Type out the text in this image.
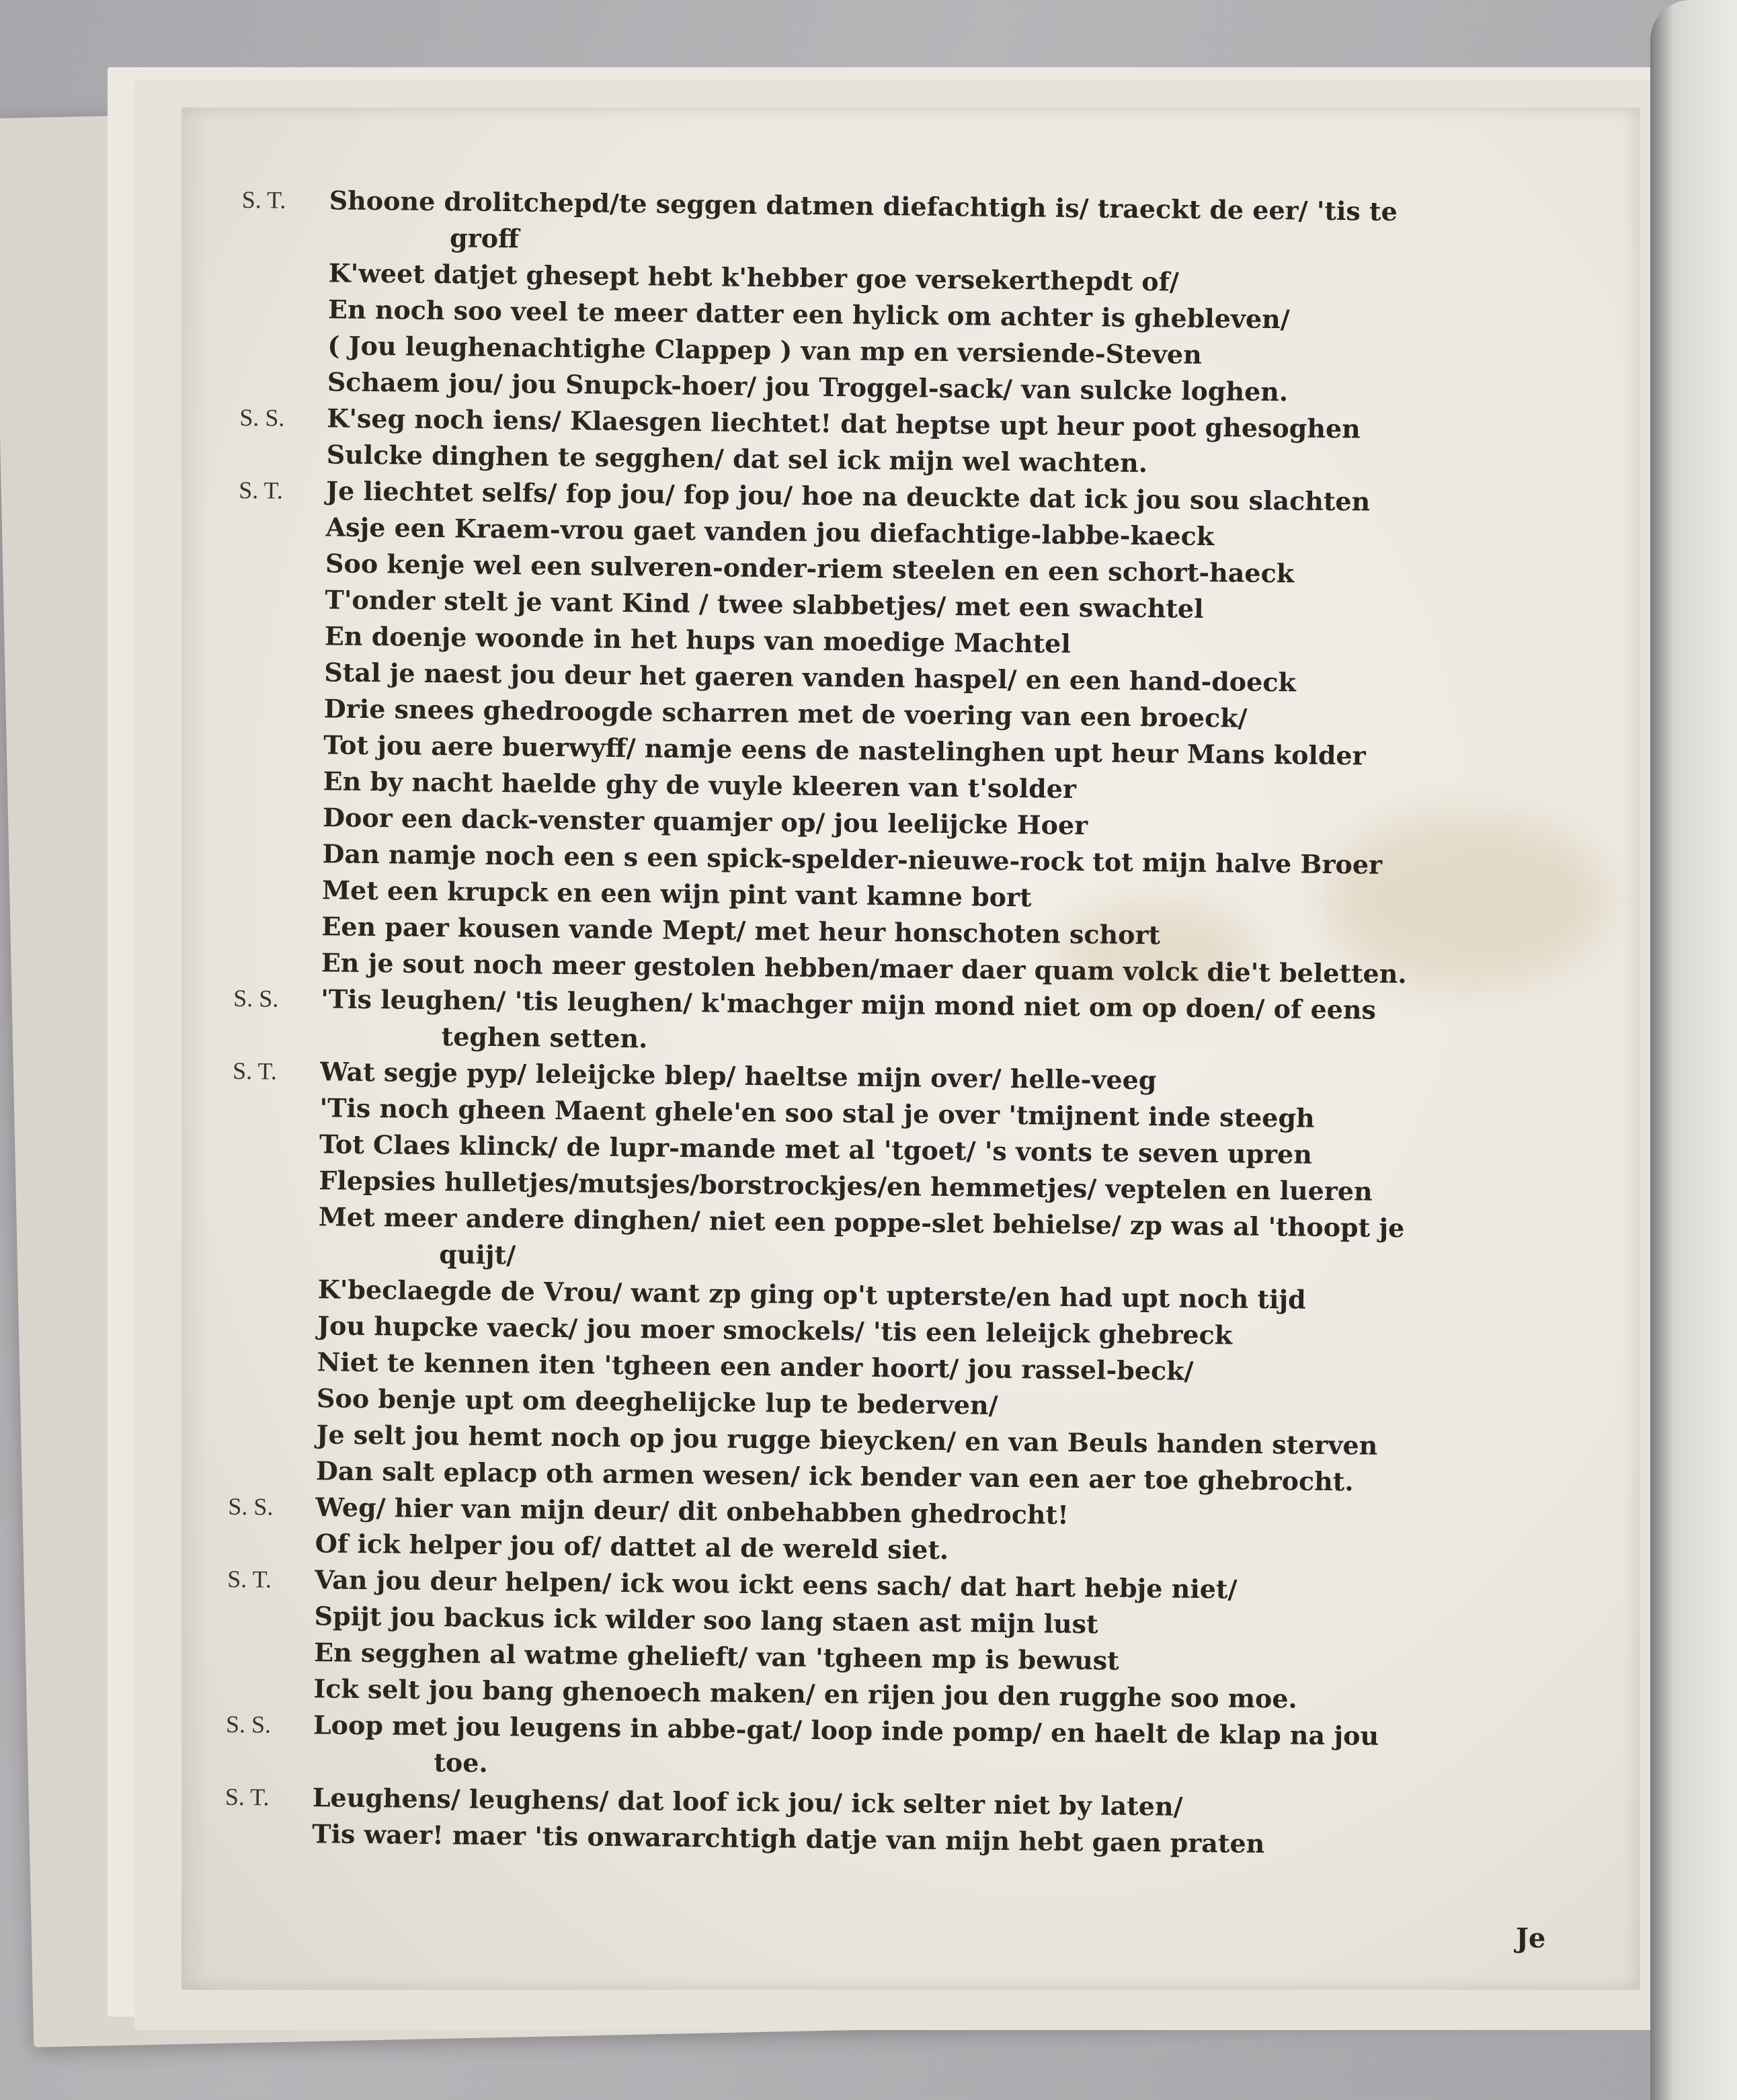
S. T.	Shoone drolitchepd/te seggen datmen diefachtigh is/ traeckt de eer/ 'tis te
groff
K'weet datjet ghesept hebt k'hebber goe versekerthepdt of/
En noch soo veel te meer datter een hylick om achter is ghebleven/
( Jou leughenachtighe Clappep ) van mp en versiende-Steven
Schaem jou/ jou Snupck-hoer/ jou Troggel-sack/ van sulcke loghen.
S. S.	K'seg noch iens/ Klaesgen liechtet! dat heptse upt heur poot ghesoghen
Sulcke dinghen te segghen/ dat sel ick mijn wel wachten.
S. T.	Je liechtet selfs/ fop jou/ fop jou/ hoe na deuckte dat ick jou sou slachten
Asje een Kraem-vrou gaet vanden jou diefachtige-labbe-kaeck
Soo kenje wel een sulveren-onder-riem steelen en een schort-haeck
T'onder stelt je vant Kind / twee slabbetjes/ met een swachtel
En doenje woonde in het hups van moedige Machtel
Stal je naest jou deur het gaeren vanden haspel/ en een hand-doeck
Drie snees ghedroogde scharren met de voering van een broeck/
Tot jou aere buerwyff/ namje eens de nastelinghen upt heur Mans kolder
En by nacht haelde ghy de vuyle kleeren van t'solder
Door een dack-venster quamjer op/ jou leelijcke Hoer
Dan namje noch een s een spick-spelder-nieuwe-rock tot mijn halve Broer
Met een krupck en een wijn pint vant kamne bort
Een paer kousen vande Mept/ met heur honschoten schort
En je sout noch meer gestolen hebben/maer daer quam volck die't beletten.
S. S.	'Tis leughen/ 'tis leughen/ k'machger mijn mond niet om op doen/ of eens
teghen setten.
S. T.	Wat segje pyp/ leleijcke blep/ haeltse mijn over/ helle-veeg
'Tis noch gheen Maent ghele'en soo stal je over 'tmijnent inde steegh
Tot Claes klinck/ de lupr-mande met al 'tgoet/ 's vonts te seven upren
Flepsies hulletjes/mutsjes/borstrockjes/en hemmetjes/ veptelen en lueren
Met meer andere dinghen/ niet een poppe-slet behielse/ zp was al 'thoopt je
quijt/
K'beclaegde de Vrou/ want zp ging op't upterste/en had upt noch tijd
Jou hupcke vaeck/ jou moer smockels/ 'tis een leleijck ghebreck
Niet te kennen iten 'tgheen een ander hoort/ jou rassel-beck/
Soo benje upt om deeghelijcke lup te bederven/
Je selt jou hemt noch op jou rugge bieycken/ en van Beuls handen sterven
Dan salt eplacp oth armen wesen/ ick bender van een aer toe ghebrocht.
S. S.	Weg/ hier van mijn deur/ dit onbehabben ghedrocht!
Of ick helper jou of/ dattet al de wereld siet.
S. T.	Van jou deur helpen/ ick wou ickt eens sach/ dat hart hebje niet/
Spijt jou backus ick wilder soo lang staen ast mijn lust
En segghen al watme ghelieft/ van 'tgheen mp is bewust
Ick selt jou bang ghenoech maken/ en rijen jou den rugghe soo moe.
S. S.	Loop met jou leugens in abbe-gat/ loop inde pomp/ en haelt de klap na jou
toe.
S. T.	Leughens/ leughens/ dat loof ick jou/ ick selter niet by laten/
Tis waer! maer 'tis onwararchtigh datje van mijn hebt gaen praten
Je
